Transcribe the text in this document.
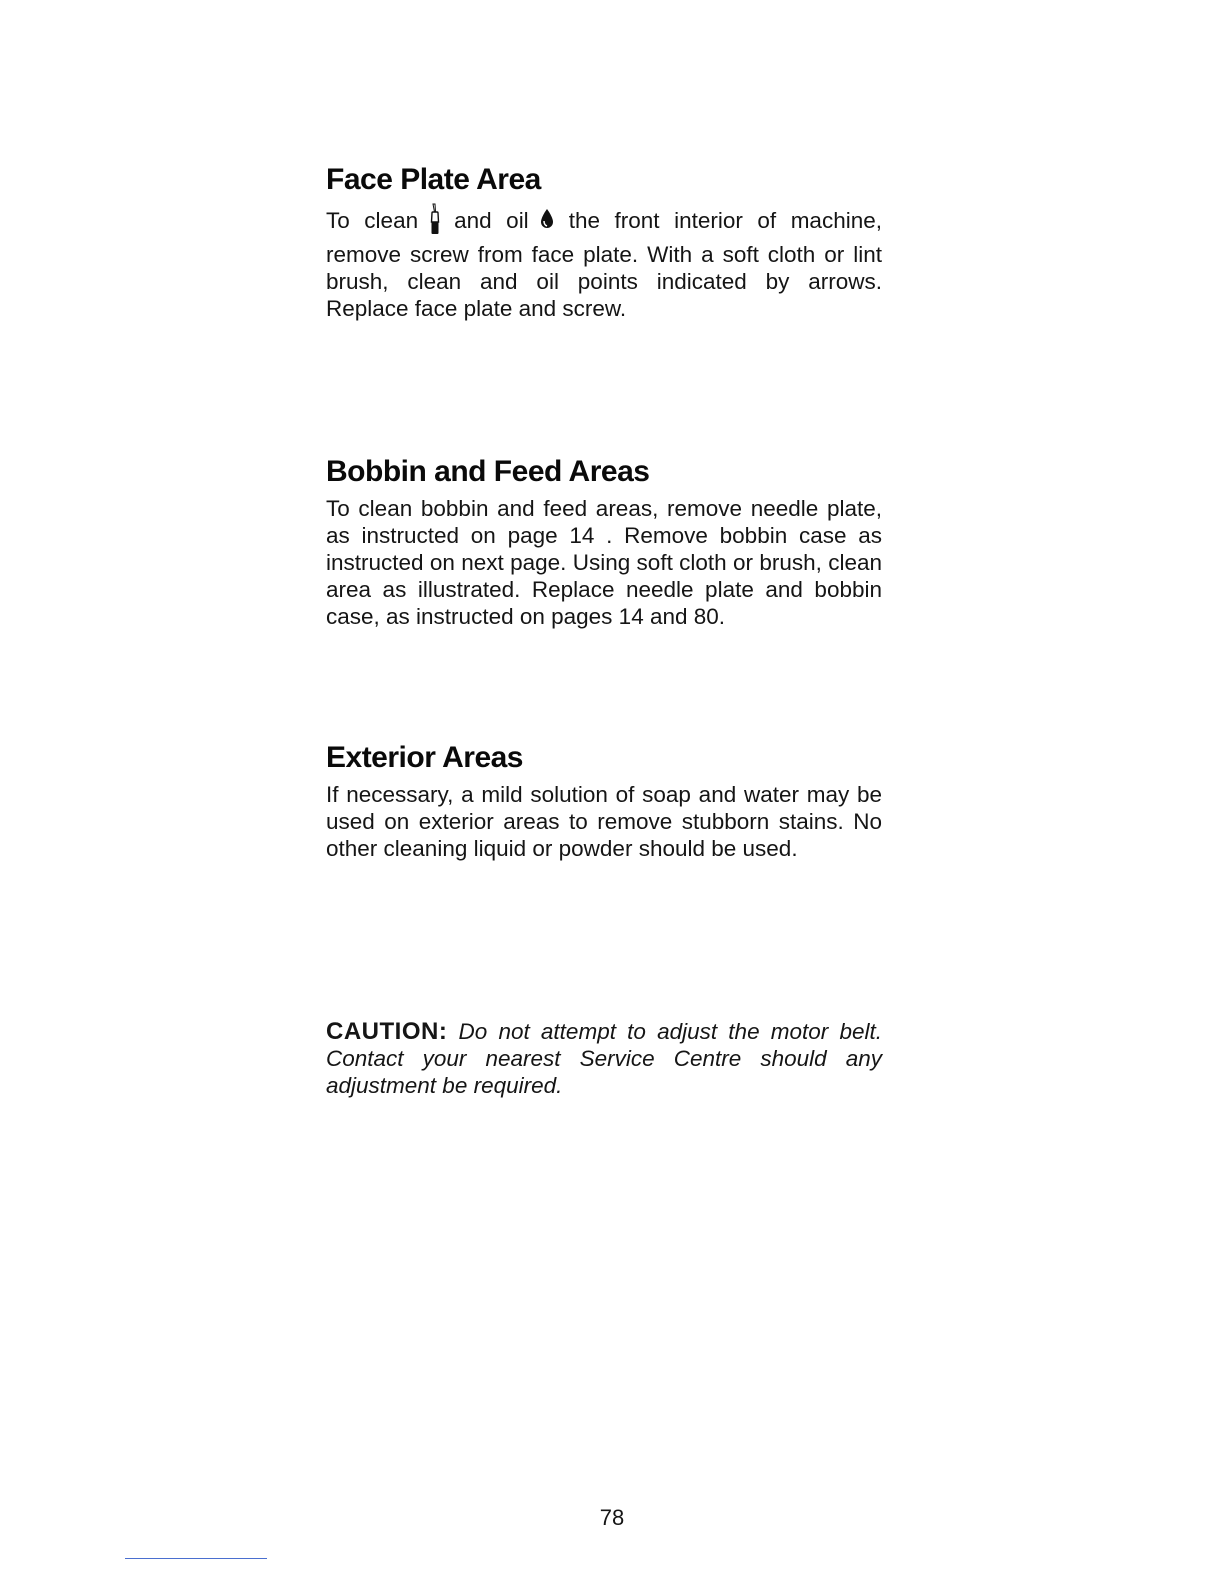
Face Plate Area

To clean and oil the front interior of machine, remove screw from face plate. With a soft cloth or lint brush, clean and oil points indicated by arrows. Replace face plate and screw.

Bobbin and Feed Areas

To clean bobbin and feed areas, remove needle plate, as instructed on page 14 . Remove bobbin case as instructed on next page. Using soft cloth or brush, clean area as illustrated. Replace needle plate and bobbin case, as instructed on pages 14 and 80.

Exterior Areas

If necessary, a mild solution of soap and water may be used on exterior areas to remove stubborn stains. No other cleaning liquid or powder should be used.

CAUTION: Do not attempt to adjust the motor belt. Contact your nearest Service Centre should any adjustment be required.

78
